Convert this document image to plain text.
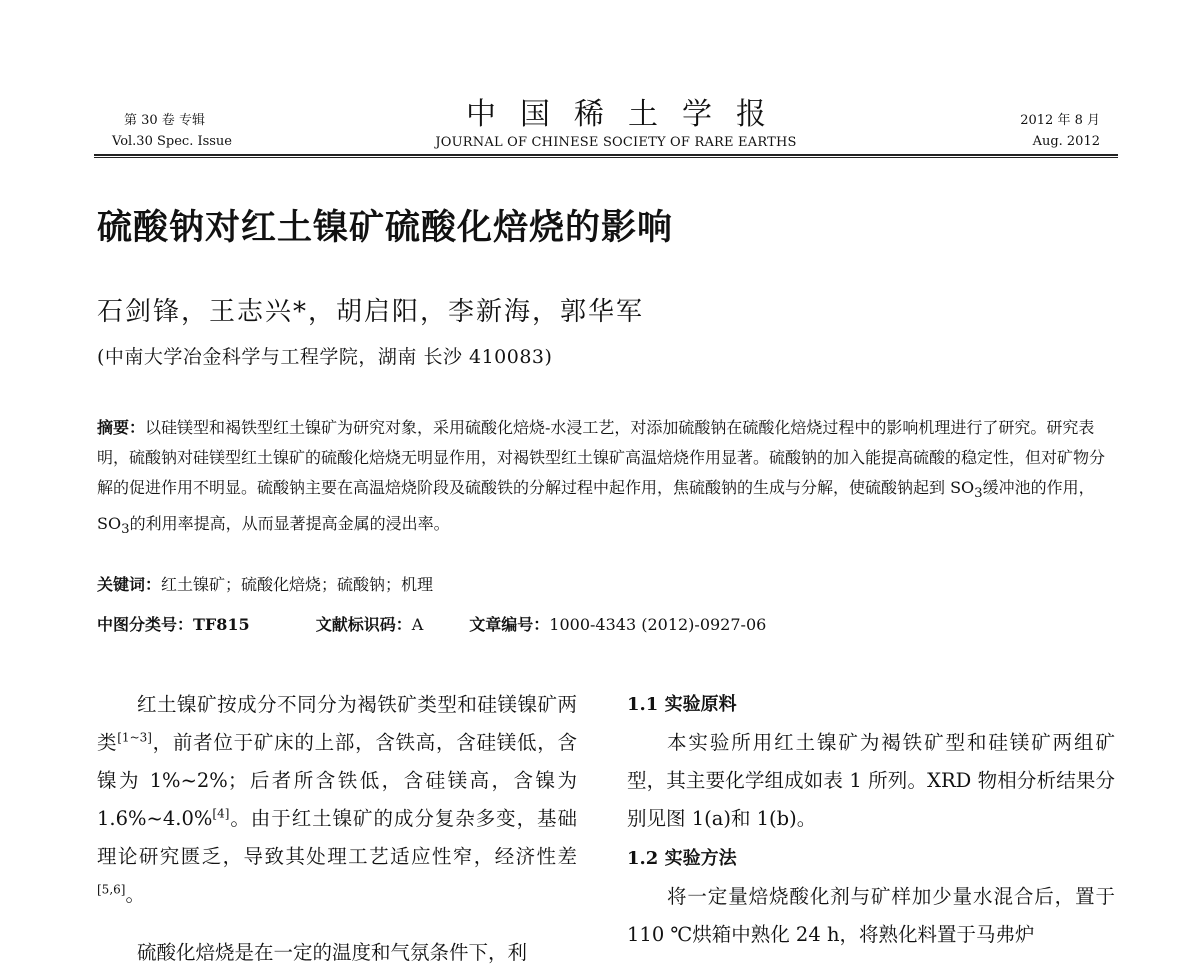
第 30 卷 专辑
Vol.30 Spec. Issue
中国稀土学报
JOURNAL OF CHINESE SOCIETY OF RARE EARTHS
2012 年 8 月
Aug. 2012
硫酸钠对红土镍矿硫酸化焙烧的影响
石剑锋，王志兴*，胡启阳，李新海，郭华军
(中南大学冶金科学与工程学院，湖南 长沙 410083)
摘要：以硅镁型和褐铁型红土镍矿为研究对象，采用硫酸化焙烧-水浸工艺，对添加硫酸钠在硫酸化焙烧过程中的影响机理进行了研究。研究表明，硫酸钠对硅镁型红土镍矿的硫酸化焙烧无明显作用，对褐铁型红土镍矿高温焙烧作用显著。硫酸钠的加入能提高硫酸的稳定性，但对矿物分解的促进作用不明显。硫酸钠主要在高温焙烧阶段及硫酸铁的分解过程中起作用，焦硫酸钠的生成与分解，使硫酸钠起到 $SO_3$缓冲池的作用，$SO_3$的利用率提高，从而显著提高金属的浸出率。
关键词：红土镍矿；硫酸化焙烧；硫酸钠；机理
中图分类号：TF815	文献标识码：A	文章编号：1000-4343 (2012)-0927-06

红土镍矿按成分不同分为褐铁矿类型和硅镁镍矿两类[1~3]，前者位于矿床的上部，含铁高，含硅镁低，含镍为 1%~2%；后者所含铁低，含硅镁高，含镍为 1.6%~4.0%[4]。由于红土镍矿的成分复杂多变，基础理论研究匮乏，导致其处理工艺适应性窄，经济性差[5,6]。

硫酸化焙烧是在一定的温度和气氛条件下，利

1.1 实验原料

本实验所用红土镍矿为褐铁矿型和硅镁矿两组矿型，其主要化学组成如表 1 所列。XRD 物相分析结果分别见图 1(a)和 1(b)。

1.2 实验方法

将一定量焙烧酸化剂与矿样加少量水混合后，置于 110 ℃烘箱中熟化 24 h，将熟化料置于马弗炉
